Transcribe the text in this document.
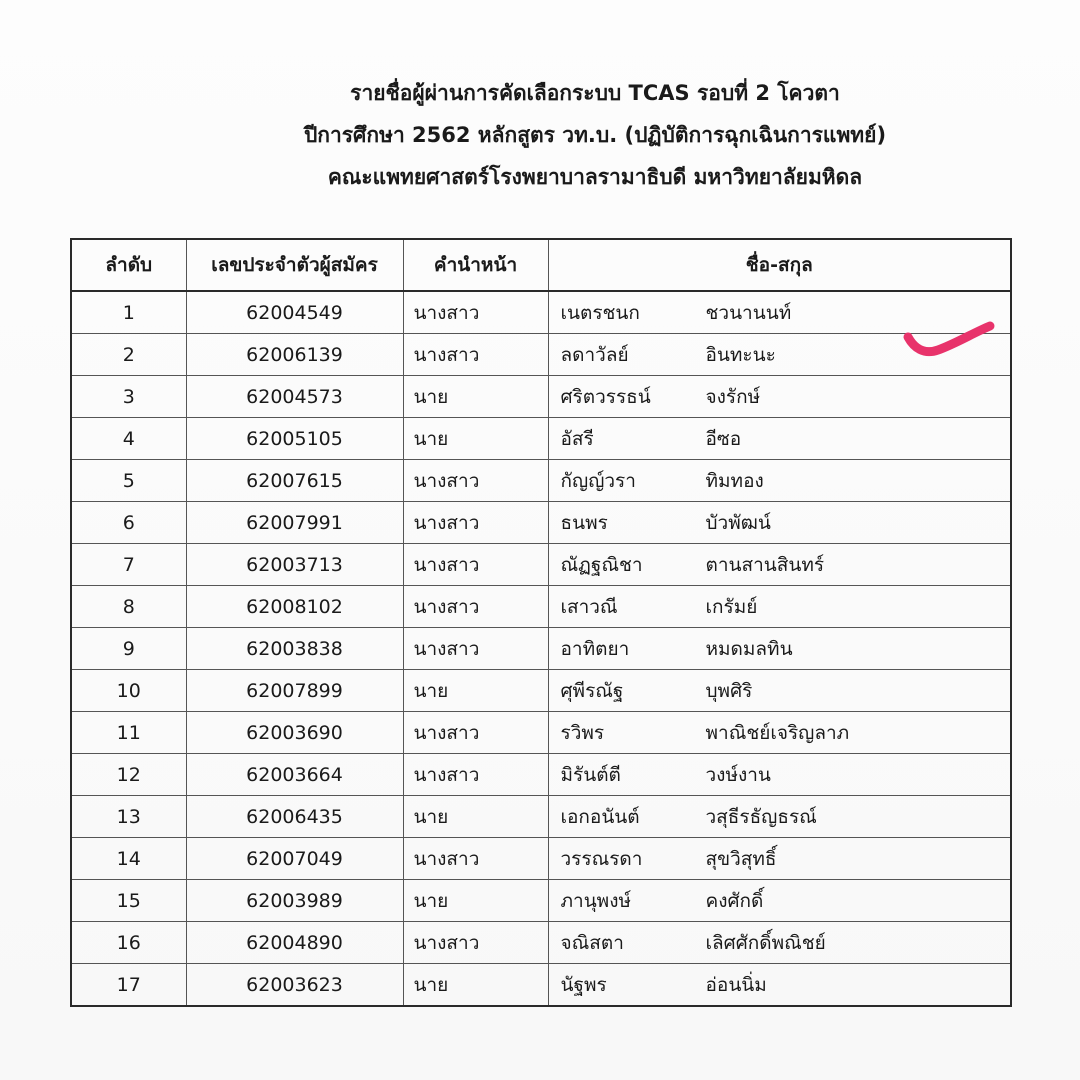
รายชื่อผู้ผ่านการคัดเลือกระบบ TCAS รอบที่ 2 โควตา
ปีการศึกษา 2562 หลักสูตร วท.บ. (ปฏิบัติการฉุกเฉินการแพทย์)
คณะแพทยศาสตร์โรงพยาบาลรามาธิบดี มหาวิทยาลัยมหิดล
ลำดับ	เลขประจำตัวผู้สมัคร	คำนำหน้า	ชื่อ-สกุล
1	62004549	นางสาว	เนตรชนก ชวนานนท์
2	62006139	นางสาว	ลดาวัลย์ อินทะนะ
3	62004573	นาย	ศริตวรรธน์ จงรักษ์
4	62005105	นาย	อัสรี อีซอ
5	62007615	นางสาว	กัญญ์วรา ทิมทอง
6	62007991	นางสาว	ธนพร บัวพัฒน์
7	62003713	นางสาว	ณัฏฐณิชา ตานสานสินทร์
8	62008102	นางสาว	เสาวณี เกรัมย์
9	62003838	นางสาว	อาทิตยา หมดมลทิน
10	62007899	นาย	ศุพีรณัฐ บุพศิริ
11	62003690	นางสาว	รวิพร พาณิชย์เจริญลาภ
12	62003664	นางสาว	มิรันต์ตี วงษ์งาน
13	62006435	นาย	เอกอนันต์ วสุธีรธัญธรณ์
14	62007049	นางสาว	วรรณรดา สุขวิสุทธิ์
15	62003989	นาย	ภานุพงษ์ คงศักดิ์
16	62004890	นางสาว	จณิสตา เลิศศักดิ์พณิชย์
17	62003623	นาย	นัฐพร อ่อนนิ่ม
